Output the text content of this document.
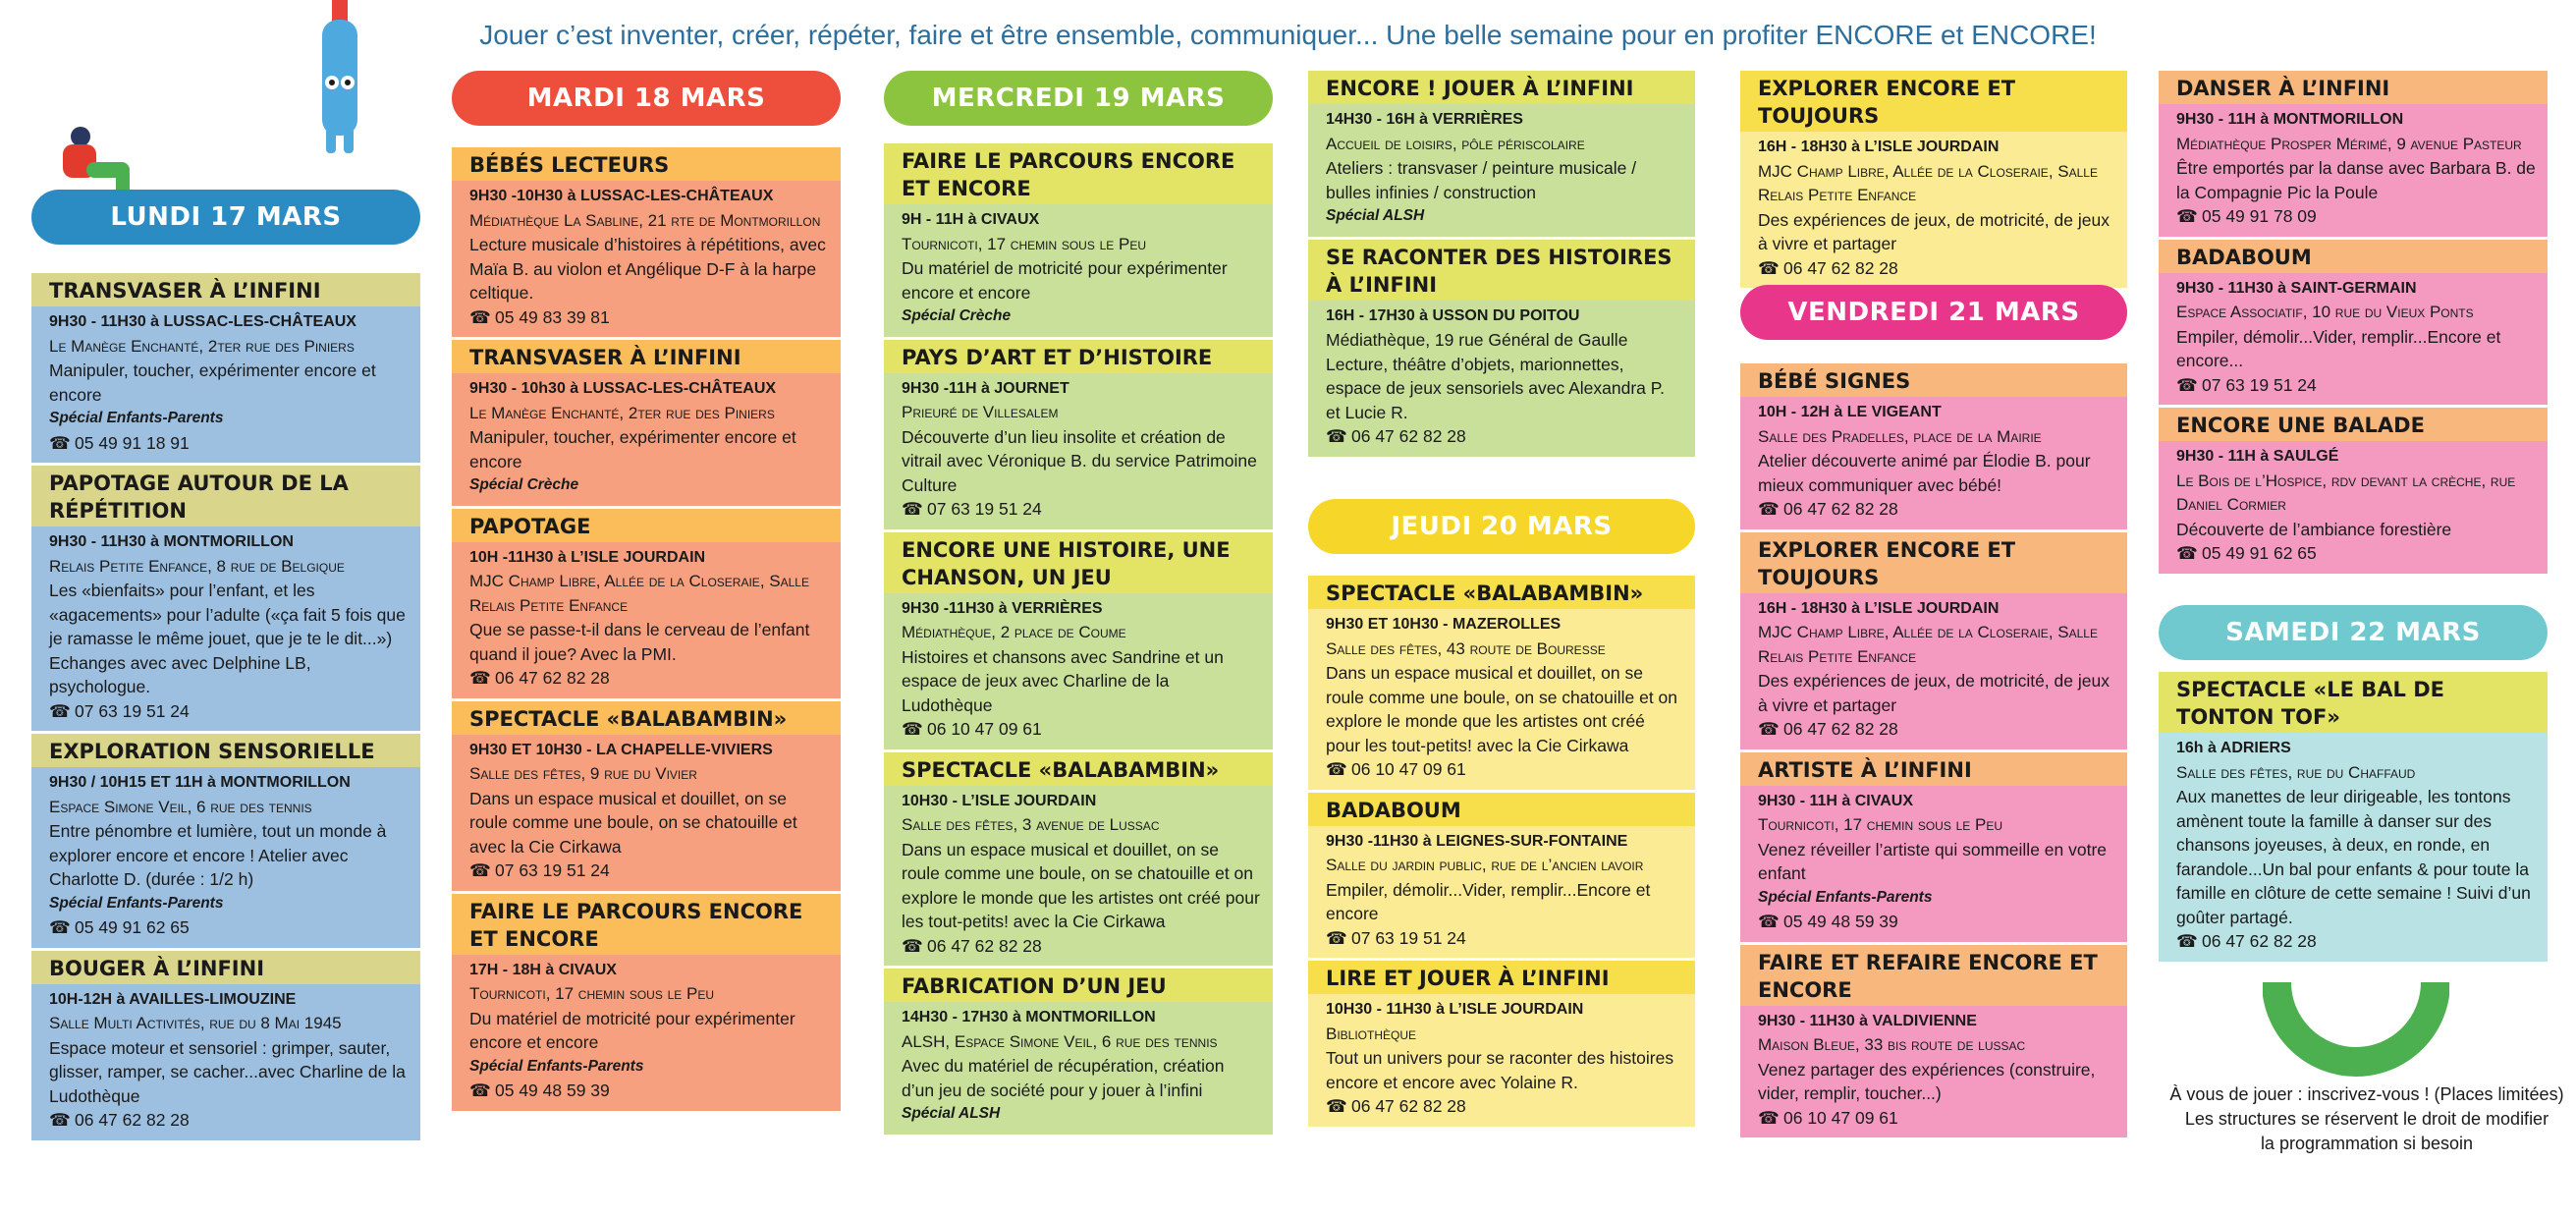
Jouer c’est inventer, créer, répéter, faire et être ensemble, communiquer... Une belle semaine pour en profiter ENCORE et ENCORE!
LUNDI 17 MARS
TRANSVASER À L’INFINI
9H30 - 11H30 à LUSSAC-LES-CHÂTEAUX
Le Manège Enchanté, 2ter rue des Piniers
Manipuler, toucher, expérimenter encore et encore
Spécial Enfants-Parents
☎ 05 49 91 18 91
PAPOTAGE AUTOUR DE LA RÉPÉTITION
9H30 - 11H30 à MONTMORILLON
Relais Petite Enfance, 8 rue de Belgique
Les «bienfaits» pour l’enfant, et les «agacements» pour l’adulte («ça fait 5 fois que je ramasse le même jouet, que je te le dit...») Echanges avec avec Delphine LB, psychologue.
☎ 07 63 19 51 24
EXPLORATION SENSORIELLE
9H30 / 10H15 ET 11H à MONTMORILLON
Espace Simone Veil, 6 rue des tennis
Entre pénombre et lumière, tout un monde à explorer encore et encore ! Atelier avec Charlotte D. (durée : 1/2 h)
Spécial Enfants-Parents
☎ 05 49 91 62 65
BOUGER À L’INFINI
10H-12H à AVAILLES-LIMOUZINE
Salle Multi Activités, rue du 8 Mai 1945
Espace moteur et sensoriel : grimper, sauter, glisser, ramper, se cacher...avec Charline de la Ludothèque
☎ 06 47 62 82 28
MARDI 18 MARS
BÉBÉS LECTEURS
9H30 -10H30 à LUSSAC-LES-CHÂTEAUX
Médiathèque La Sabline, 21 rte de Montmorillon
Lecture musicale d’histoires à répétitions, avec Maïa B. au violon et Angélique D-F à la harpe celtique.
☎ 05 49 83 39 81
TRANSVASER À L’INFINI
9H30 - 10h30 à LUSSAC-LES-CHÂTEAUX
Le Manège Enchanté, 2ter rue des Piniers
Manipuler, toucher, expérimenter encore et encore
Spécial Crèche
PAPOTAGE
10H -11H30 à L’ISLE JOURDAIN
MJC Champ Libre, Allée de la Closeraie, Salle Relais Petite Enfance
Que se passe-t-il dans le cerveau de l’enfant quand il joue? Avec la PMI.
☎ 06 47 62 82 28
SPECTACLE «BALABAMBIN»
9H30 ET 10H30 - LA CHAPELLE-VIVIERS
Salle des fêtes, 9 rue du Vivier
Dans un espace musical et douillet, on se roule comme une boule, on se chatouille et avec la Cie Cirkawa
☎ 07 63 19 51 24
FAIRE LE PARCOURS ENCORE ET ENCORE
17H - 18H à CIVAUX
Tournicoti, 17 chemin sous le Peu
Du matériel de motricité pour expérimenter encore et encore
Spécial Enfants-Parents
☎ 05 49 48 59 39
MERCREDI 19 MARS
FAIRE LE PARCOURS ENCORE ET ENCORE
9H - 11H à CIVAUX
Tournicoti, 17 chemin sous le Peu
Du matériel de motricité pour expérimenter encore et encore
Spécial Crèche
PAYS D’ART ET D’HISTOIRE
9H30 -11H à JOURNET
Prieuré de Villesalem
Découverte d’un lieu insolite et création de vitrail avec Véronique B. du service Patrimoine Culture
☎ 07 63 19 51 24
ENCORE UNE HISTOIRE, UNE CHANSON, UN JEU
9H30 -11H30 à VERRIÈRES
Médiathèque, 2 place de Coume
Histoires et chansons avec Sandrine et un espace de jeux avec Charline de la Ludothèque
☎ 06 10 47 09 61
SPECTACLE «BALABAMBIN»
10H30 - L’ISLE JOURDAIN
Salle des fêtes, 3 avenue de Lussac
Dans un espace musical et douillet, on se roule comme une boule, on se chatouille et on explore le monde que les artistes ont créé pour les tout-petits! avec la Cie Cirkawa
☎ 06 47 62 82 28
FABRICATION D’UN JEU
14H30 - 17H30 à MONTMORILLON
ALSH, Espace Simone Veil, 6 rue des tennis
Avec du matériel de récupération, création d’un jeu de société pour y jouer à l’infini
Spécial ALSH
ENCORE ! JOUER À L’INFINI
14H30 - 16H à VERRIÈRES
Accueil de loisirs, pôle périscolaire
Ateliers : transvaser / peinture musicale / bulles infinies / construction
Spécial ALSH
SE RACONTER DES HISTOIRES À L’INFINI
16H - 17H30 à USSON DU POITOU
Médiathèque, 19 rue Général de Gaulle Lecture, théâtre d’objets, marionnettes, espace de jeux sensoriels avec Alexandra P. et Lucie R.
☎ 06 47 62 82 28
JEUDI 20 MARS
SPECTACLE «BALABAMBIN»
9H30 ET 10H30 - MAZEROLLES
Salle des fêtes, 43 route de Bouresse
Dans un espace musical et douillet, on se roule comme une boule, on se chatouille et on explore le monde que les artistes ont créé pour les tout-petits! avec la Cie Cirkawa
☎ 06 10 47 09 61
BADABOUM
9H30 -11H30 à LEIGNES-SUR-FONTAINE
Salle du jardin public, rue de l’ancien lavoir
Empiler, démolir...Vider, remplir...Encore et encore
☎ 07 63 19 51 24
LIRE ET JOUER À L’INFINI
10H30 - 11H30 à L’ISLE JOURDAIN
Bibliothèque
Tout un univers pour se raconter des histoires encore et encore avec Yolaine R.
☎ 06 47 62 82 28
EXPLORER ENCORE ET TOUJOURS
16H - 18H30 à L’ISLE JOURDAIN
MJC Champ Libre, Allée de la Closeraie, Salle Relais Petite Enfance
Des expériences de jeux, de motricité, de jeux à vivre et partager
☎ 06 47 62 82 28
VENDREDI 21 MARS
BÉBÉ SIGNES
10H - 12H à LE VIGEANT
Salle des Pradelles, place de la Mairie
Atelier découverte animé par Élodie B. pour mieux communiquer avec bébé!
☎ 06 47 62 82 28
EXPLORER ENCORE ET TOUJOURS
16H - 18H30 à L’ISLE JOURDAIN
MJC Champ Libre, Allée de la Closeraie, Salle Relais Petite Enfance
Des expériences de jeux, de motricité, de jeux à vivre et partager
☎ 06 47 62 82 28
ARTISTE À L’INFINI
9H30 - 11H à CIVAUX
Tournicoti, 17 chemin sous le Peu
Venez réveiller l’artiste qui sommeille en votre enfant
Spécial Enfants-Parents
☎ 05 49 48 59 39
FAIRE ET REFAIRE ENCORE ET ENCORE
9H30 - 11H30 à VALDIVIENNE
Maison Bleue, 33 bis route de lussac
Venez partager des expériences (construire, vider, remplir, toucher...)
☎ 06 10 47 09 61
DANSER À L’INFINI
9H30 - 11H à MONTMORILLON
Médiathèque Prosper Mérimé, 9 avenue Pasteur
Être emportés par la danse avec Barbara B. de la Compagnie Pic la Poule
☎ 05 49 91 78 09
BADABOUM
9H30 - 11H30 à SAINT-GERMAIN
Espace Associatif, 10 rue du Vieux Ponts
Empiler, démolir...Vider, remplir...Encore et encore...
☎ 07 63 19 51 24
ENCORE UNE BALADE
9H30 - 11H à SAULGÉ
Le Bois de l’Hospice, rdv devant la crèche, rue Daniel Cormier
Découverte de l’ambiance forestière
☎ 05 49 91 62 65
SAMEDI 22 MARS
SPECTACLE «LE BAL DE TONTON TOF»
16h à ADRIERS
Salle des fêtes, rue du Chaffaud
Aux manettes de leur dirigeable, les tontons amènent toute la famille à danser sur des chansons joyeuses, à deux, en ronde, en farandole...Un bal pour enfants & pour toute la famille en clôture de cette semaine ! Suivi d’un goûter partagé.
☎ 06 47 62 82 28
À vous de jouer : inscrivez-vous ! (Places limitées)
Les structures se réservent le droit de modifier
la programmation si besoin
